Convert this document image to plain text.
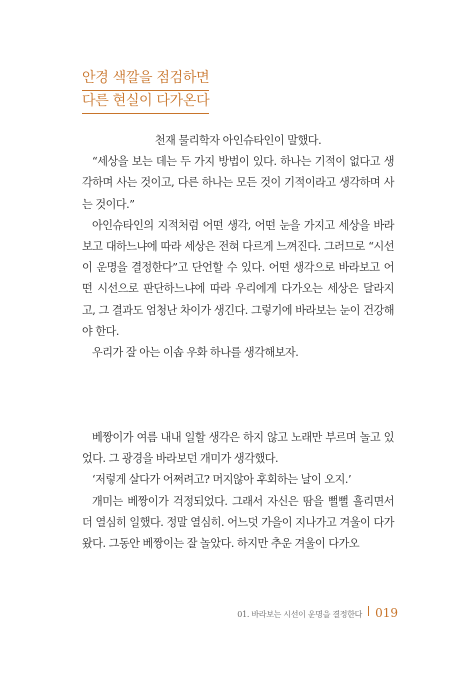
안경 색깔을 점검하면
다른 현실이 다가온다

천재 물리학자 아인슈타인이 말했다.

“세상을 보는 데는 두 가지 방법이 있다. 하나는 기적이 없다고 생각하며 사는 것이고, 다른 하나는 모든 것이 기적이라고 생각하며 사는 것이다.”

아인슈타인의 지적처럼 어떤 생각, 어떤 눈을 가지고 세상을 바라보고 대하느냐에 따라 세상은 전혀 다르게 느껴진다. 그러므로 “시선이 운명을 결정한다”고 단언할 수 있다. 어떤 생각으로 바라보고 어떤 시선으로 판단하느냐에 따라 우리에게 다가오는 세상은 달라지고, 그 결과도 엄청난 차이가 생긴다. 그렇기에 바라보는 눈이 건강해야 한다.

우리가 잘 아는 이솝 우화 하나를 생각해보자.

베짱이가 여름 내내 일할 생각은 하지 않고 노래만 부르며 놀고 있었다. 그 광경을 바라보던 개미가 생각했다.

‘저렇게 살다가 어쩌려고? 머지않아 후회하는 날이 오지.’

개미는 베짱이가 걱정되었다. 그래서 자신은 땀을 뻘뻘 흘리면서 더 열심히 일했다. 정말 열심히. 어느덧 가을이 지나가고 겨울이 다가왔다. 그동안 베짱이는 잘 놀았다. 하지만 추운 겨울이 다가오

01. 바라보는 시선이 운명을 결정한다 019
